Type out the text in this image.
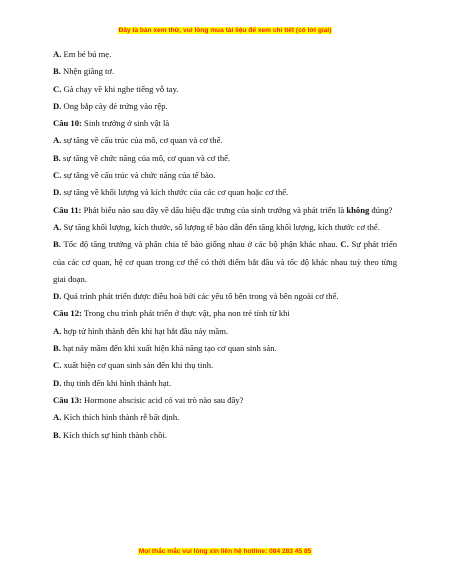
Đây là bản xem thử, vui lòng mua tài liệu để xem chi tiết (có lời giải)

A. Em bé bú mẹ.

B. Nhện giăng tơ.

C. Gà chạy về khi nghe tiếng vỗ tay.

D. Ong bắp cày đẻ trứng vào rệp.

Câu 10: Sinh trưởng ở sinh vật là

A. sự tăng về cấu trúc của mô, cơ quan và cơ thể.

B. sự tăng về chức năng của mô, cơ quan và cơ thể.

C. sự tăng về cấu trúc và chức năng của tế bào.

D. sự tăng về khối lượng và kích thước của các cơ quan hoặc cơ thể.

Câu 11: Phát biểu nào sau đây về dấu hiệu đặc trưng của sinh trưởng và phát triển là không đúng?

A. Sự tăng khối lượng, kích thước, số lượng tế bào dẫn đến tăng khối lượng, kích thước cơ thể.

B. Tốc độ tăng trưởng và phân chia tế bào giống nhau ở các bộ phận khác nhau. C. Sự phát triển của các cơ quan, hệ cơ quan trong cơ thể có thời điểm bắt đầu và tốc độ khác nhau tuỳ theo từng giai đoạn.

D. Quá trình phát triển được điều hoà bởi các yếu tố bên trong và bên ngoài cơ thể.

Câu 12: Trong chu trình phát triển ở thực vật, pha non trẻ tính từ khi

A. hợp tử hình thành đến khi hạt bắt đầu nảy mầm.

B. hạt nảy mầm đến khi xuất hiện khả năng tạo cơ quan sinh sản.

C. xuất hiện cơ quan sinh sản đến khi thụ tinh.

D. thụ tinh đến khi hình thành hạt.

Câu 13: Hormone abscisic acid có vai trò nào sau đây?

A. Kích thích hình thành rễ bất định.

B. Kích thích sự hình thành chồi.

Mọi thắc mắc vui lòng xin liên hệ hotline: 084 283 45 85
